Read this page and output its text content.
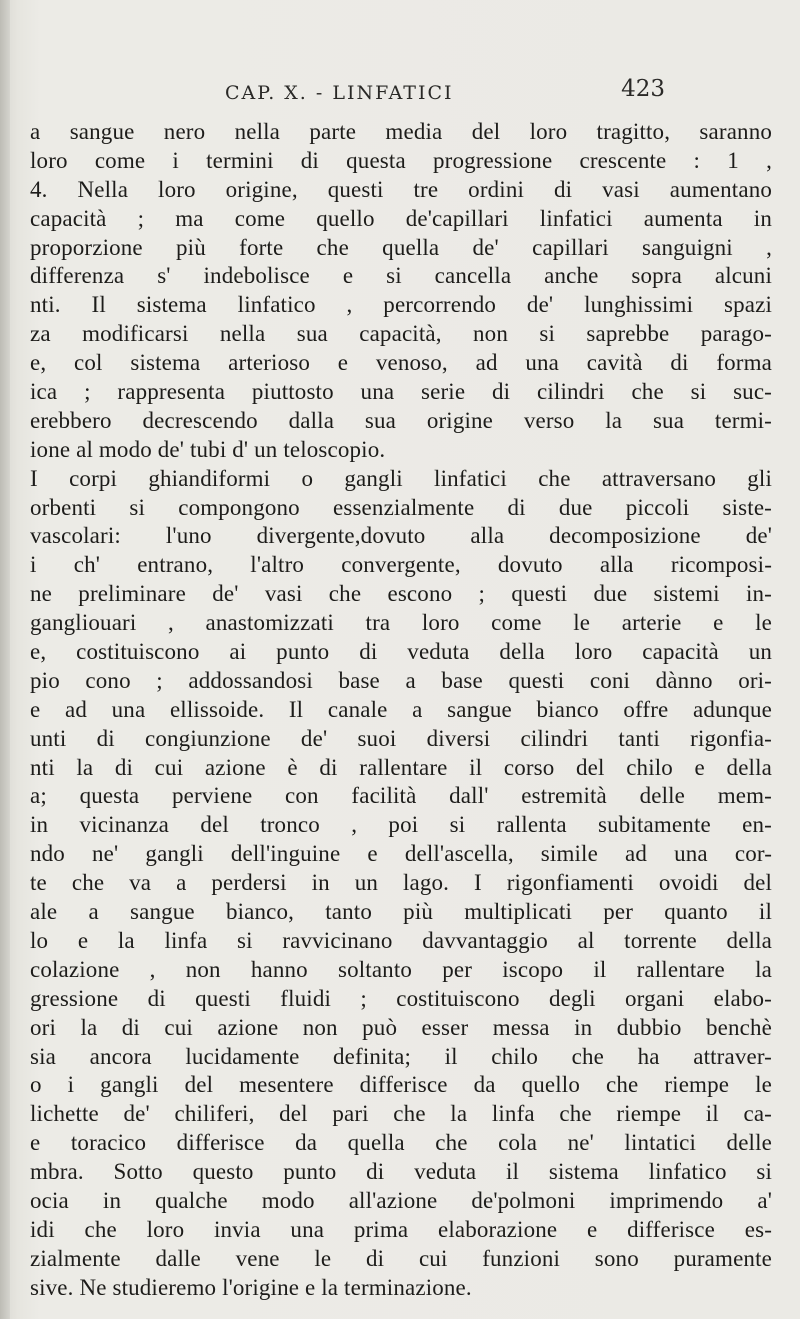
CAP. X. - LINFATICI	423
a sangue nero nella parte media del loro tragitto, saranno
loro come i termini di questa progressione crescente : 1 ,
4. Nella loro origine, questi tre ordini di vasi aumentano
capacità ; ma come quello de'capillari linfatici aumenta in
proporzione più forte che quella de' capillari sanguigni ,
differenza s' indebolisce e si cancella anche sopra alcuni
nti. Il sistema linfatico , percorrendo de' lunghissimi spazi
za modificarsi nella sua capacità, non si saprebbe parago-
e, col sistema arterioso e venoso, ad una cavità di forma
ica ; rappresenta piuttosto una serie di cilindri che si suc-
erebbero decrescendo dalla sua origine verso la sua termi-
ione al modo de' tubi d' un teloscopio.
I corpi ghiandiformi o gangli linfatici che attraversano gli
orbenti si compongono essenzialmente di due piccoli siste-
vascolari: l'uno divergente,dovuto alla decomposizione de'
i ch' entrano, l'altro convergente, dovuto alla ricomposi-
ne preliminare de' vasi che escono ; questi due sistemi in-
gangliouari , anastomizzati tra loro come le arterie e le
e, costituiscono ai punto di veduta della loro capacità un
pio cono ; addossandosi base a base questi coni dànno ori-
e ad una ellissoide. Il canale a sangue bianco offre adunque
unti di congiunzione de' suoi diversi cilindri tanti rigonfia-
nti la di cui azione è di rallentare il corso del chilo e della
a; questa perviene con facilità dall' estremità delle mem-
in vicinanza del tronco , poi si rallenta subitamente en-
ndo ne' gangli dell'inguine e dell'ascella, simile ad una cor-
te che va a perdersi in un lago. I rigonfiamenti ovoidi del
ale a sangue bianco, tanto più multiplicati per quanto il
lo e la linfa si ravvicinano davvantaggio al torrente della
colazione , non hanno soltanto per iscopo il rallentare la
gressione di questi fluidi ; costituiscono degli organi elabo-
ori la di cui azione non può esser messa in dubbio benchè
sia ancora lucidamente definita; il chilo che ha attraver-
o i gangli del mesentere differisce da quello che riempe le
lichette de' chiliferi, del pari che la linfa che riempe il ca-
e toracico differisce da quella che cola ne' lintatici delle
mbra. Sotto questo punto di veduta il sistema linfatico si
ocia in qualche modo all'azione de'polmoni imprimendo a'
idi che loro invia una prima elaborazione e differisce es-
zialmente dalle vene le di cui funzioni sono puramente
sive. Ne studieremo l'origine e la terminazione.
